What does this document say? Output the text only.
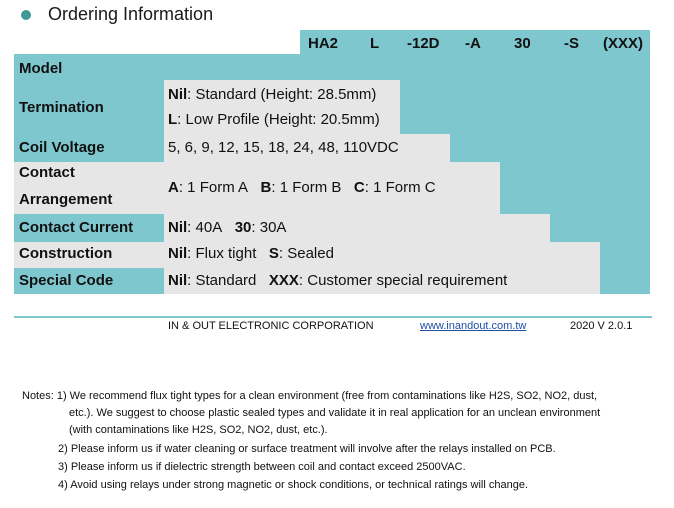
Ordering Information
HA2 L -12D -A 30 -S (XXX)
Model
Termination
Coil Voltage
Contact
Arrangement
Contact Current
Construction
Special Code
Nil: Standard (Height: 28.5mm)
L: Low Profile (Height: 20.5mm)
5, 6, 9, 12, 15, 18, 24, 48, 110VDC
A: 1 Form A B: 1 Form B C: 1 Form C
Nil: 40A 30: 30A
Nil: Flux tight S: Sealed
Nil: Standard XXX: Customer special requirement
IN & OUT ELECTRONIC CORPORATION	www.inandout.com.tw	2020 V 2.0.1
Notes: 1) We recommend flux tight types for a clean environment (free from contaminations like H2S, SO2, NO2, dust,
etc.). We suggest to choose plastic sealed types and validate it in real application for an unclean environment
(with contaminations like H2S, SO2, NO2, dust, etc.).
2) Please inform us if water cleaning or surface treatment will involve after the relays installed on PCB.
3) Please inform us if dielectric strength between coil and contact exceed 2500VAC.
4) Avoid using relays under strong magnetic or shock conditions, or technical ratings will change.
